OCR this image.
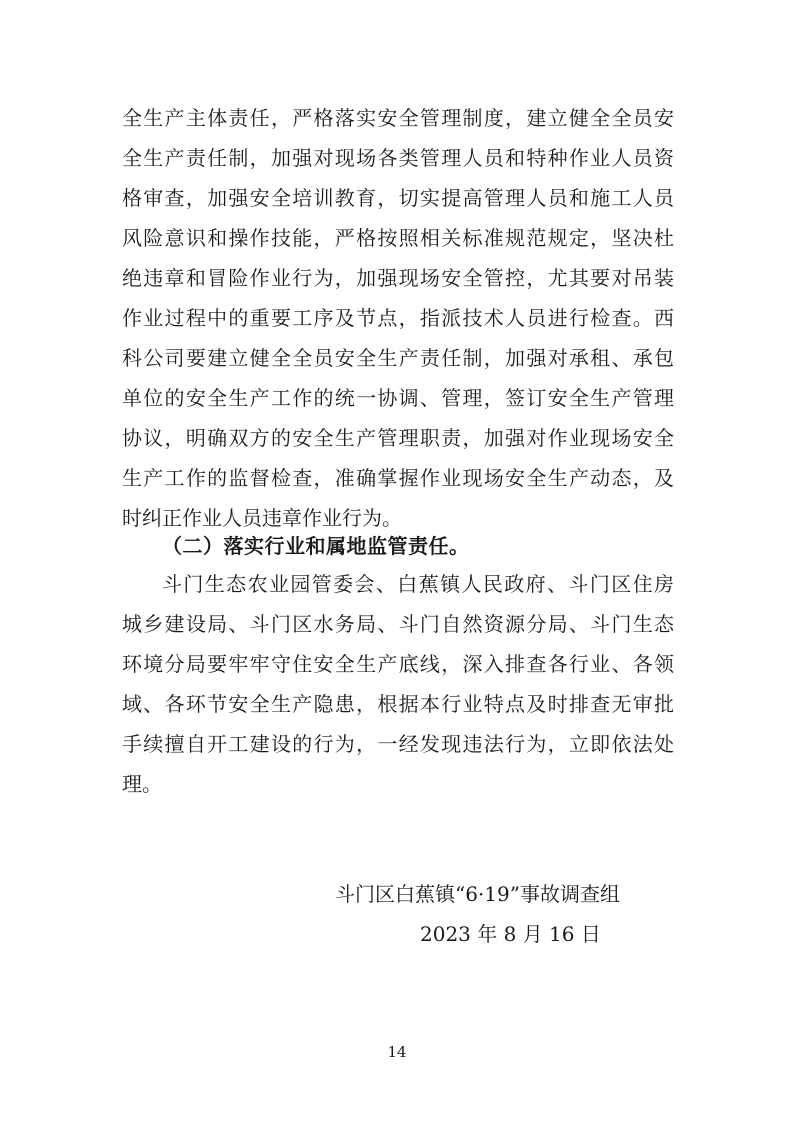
全生产主体责任，严格落实安全管理制度，建立健全全员安
全生产责任制，加强对现场各类管理人员和特种作业人员资
格审查，加强安全培训教育，切实提高管理人员和施工人员
风险意识和操作技能，严格按照相关标准规范规定，坚决杜
绝违章和冒险作业行为，加强现场安全管控，尤其要对吊装
作业过程中的重要工序及节点，指派技术人员进行检查。西
科公司要建立健全全员安全生产责任制，加强对承租、承包
单位的安全生产工作的统一协调、管理，签订安全生产管理
协议，明确双方的安全生产管理职责，加强对作业现场安全
生产工作的监督检查，准确掌握作业现场安全生产动态，及
时纠正作业人员违章作业行为。
（二）落实行业和属地监管责任。
斗门生态农业园管委会、白蕉镇人民政府、斗门区住房
城乡建设局、斗门区水务局、斗门自然资源分局、斗门生态
环境分局要牢牢守住安全生产底线，深入排查各行业、各领
域、各环节安全生产隐患，根据本行业特点及时排查无审批
手续擅自开工建设的行为，一经发现违法行为，立即依法处
理。
斗门区白蕉镇“6·19”事故调查组
2023 年 8 月 16 日
14
